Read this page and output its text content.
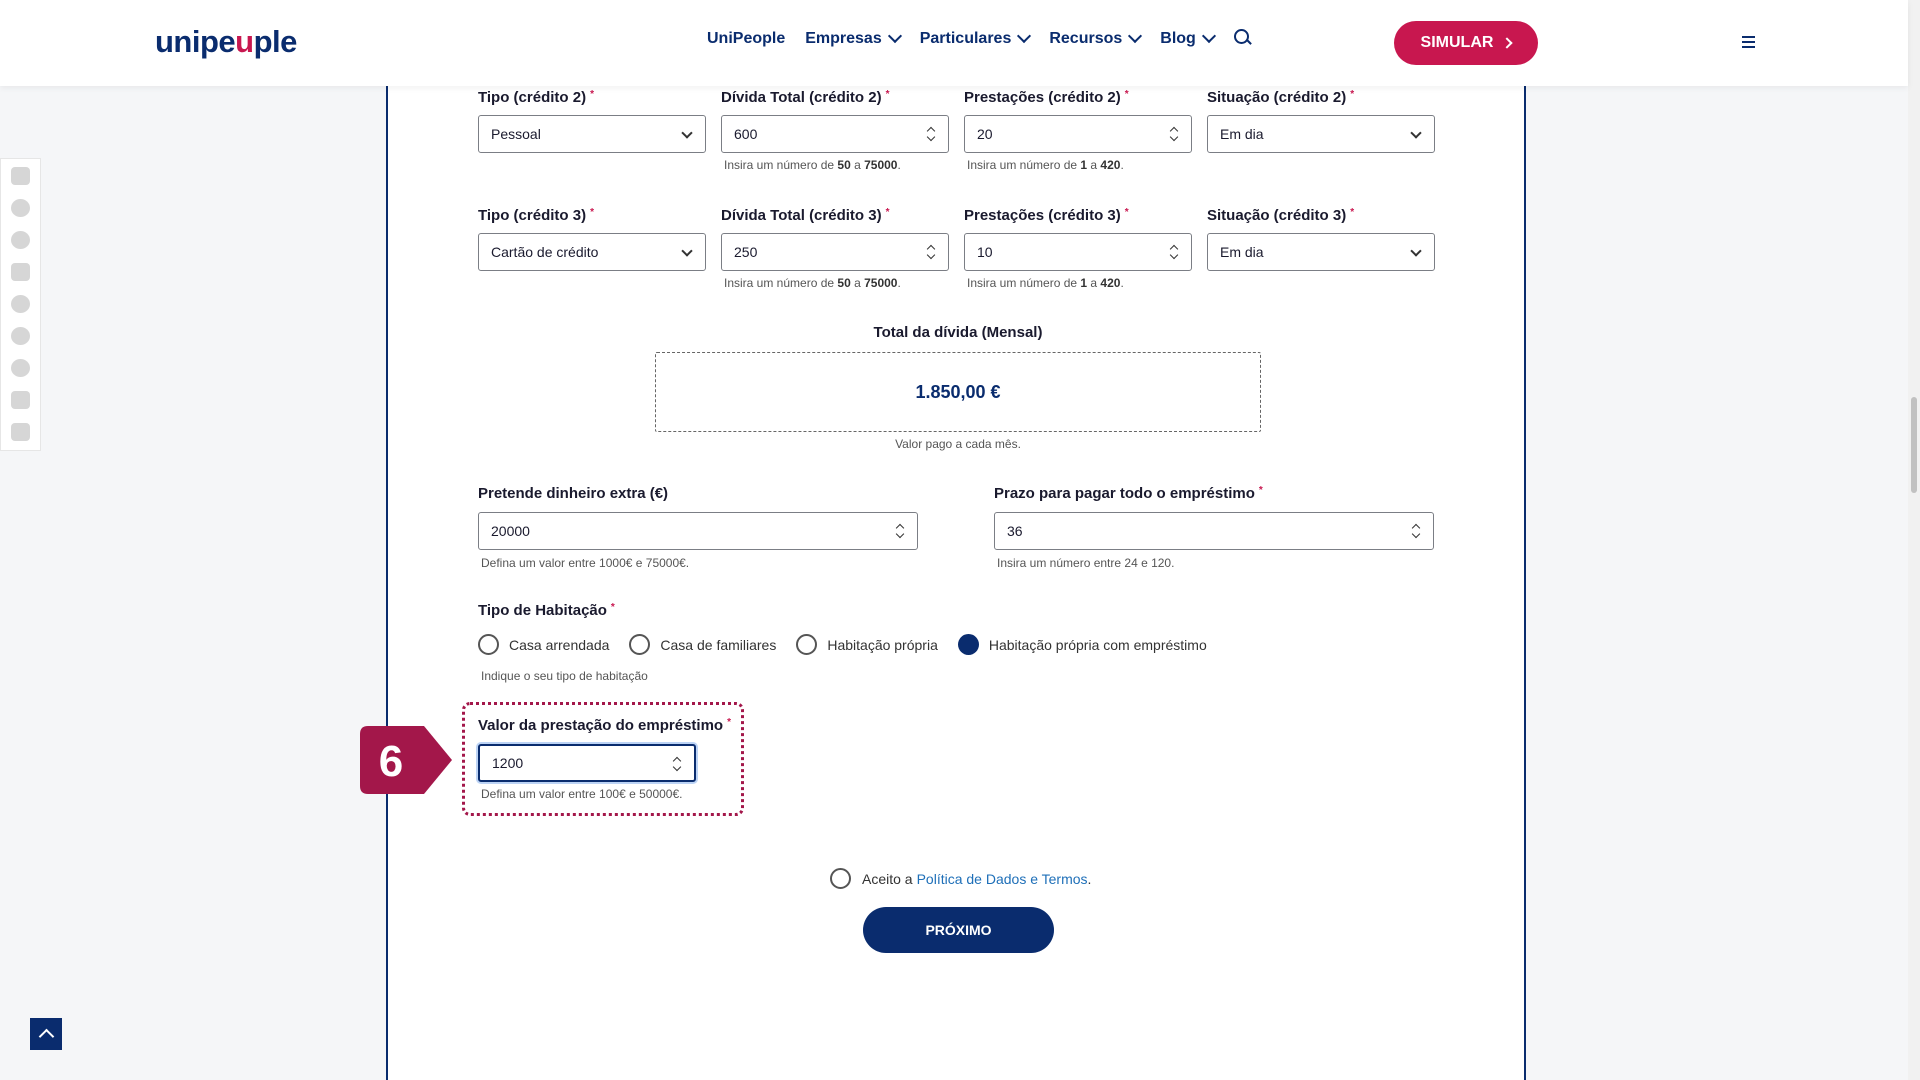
unipeuple	UniPeople Empresas Particulares Recursos Blog	SIMULAR
Tipo (crédito 2) *
Pessoal
Dívida Total (crédito 2) *
600
Insira um número de 50 a 75000.
Prestações (crédito 2) *
20
Insira um número de 1 a 420.
Situação (crédito 2) *
Em dia
Tipo (crédito 3) *
Cartão de crédito
Dívida Total (crédito 3) *
250
Insira um número de 50 a 75000.
Prestações (crédito 3) *
10
Insira um número de 1 a 420.
Situação (crédito 3) *
Em dia
Total da dívida (Mensal)
1.850,00 €
Valor pago a cada mês.
Pretende dinheiro extra (€)
20000
Defina um valor entre 1000€ e 75000€.
Prazo para pagar todo o empréstimo *
36
Insira um número entre 24 e 120.
Tipo de Habitação *
Casa arrendada	Casa de familiares	Habitação própria	Habitação própria com empréstimo
Indique o seu tipo de habitação
Valor da prestação do empréstimo *
1200
Defina um valor entre 100€ e 50000€.
Aceito a Política de Dados e Termos .
PRÓXIMO
6
